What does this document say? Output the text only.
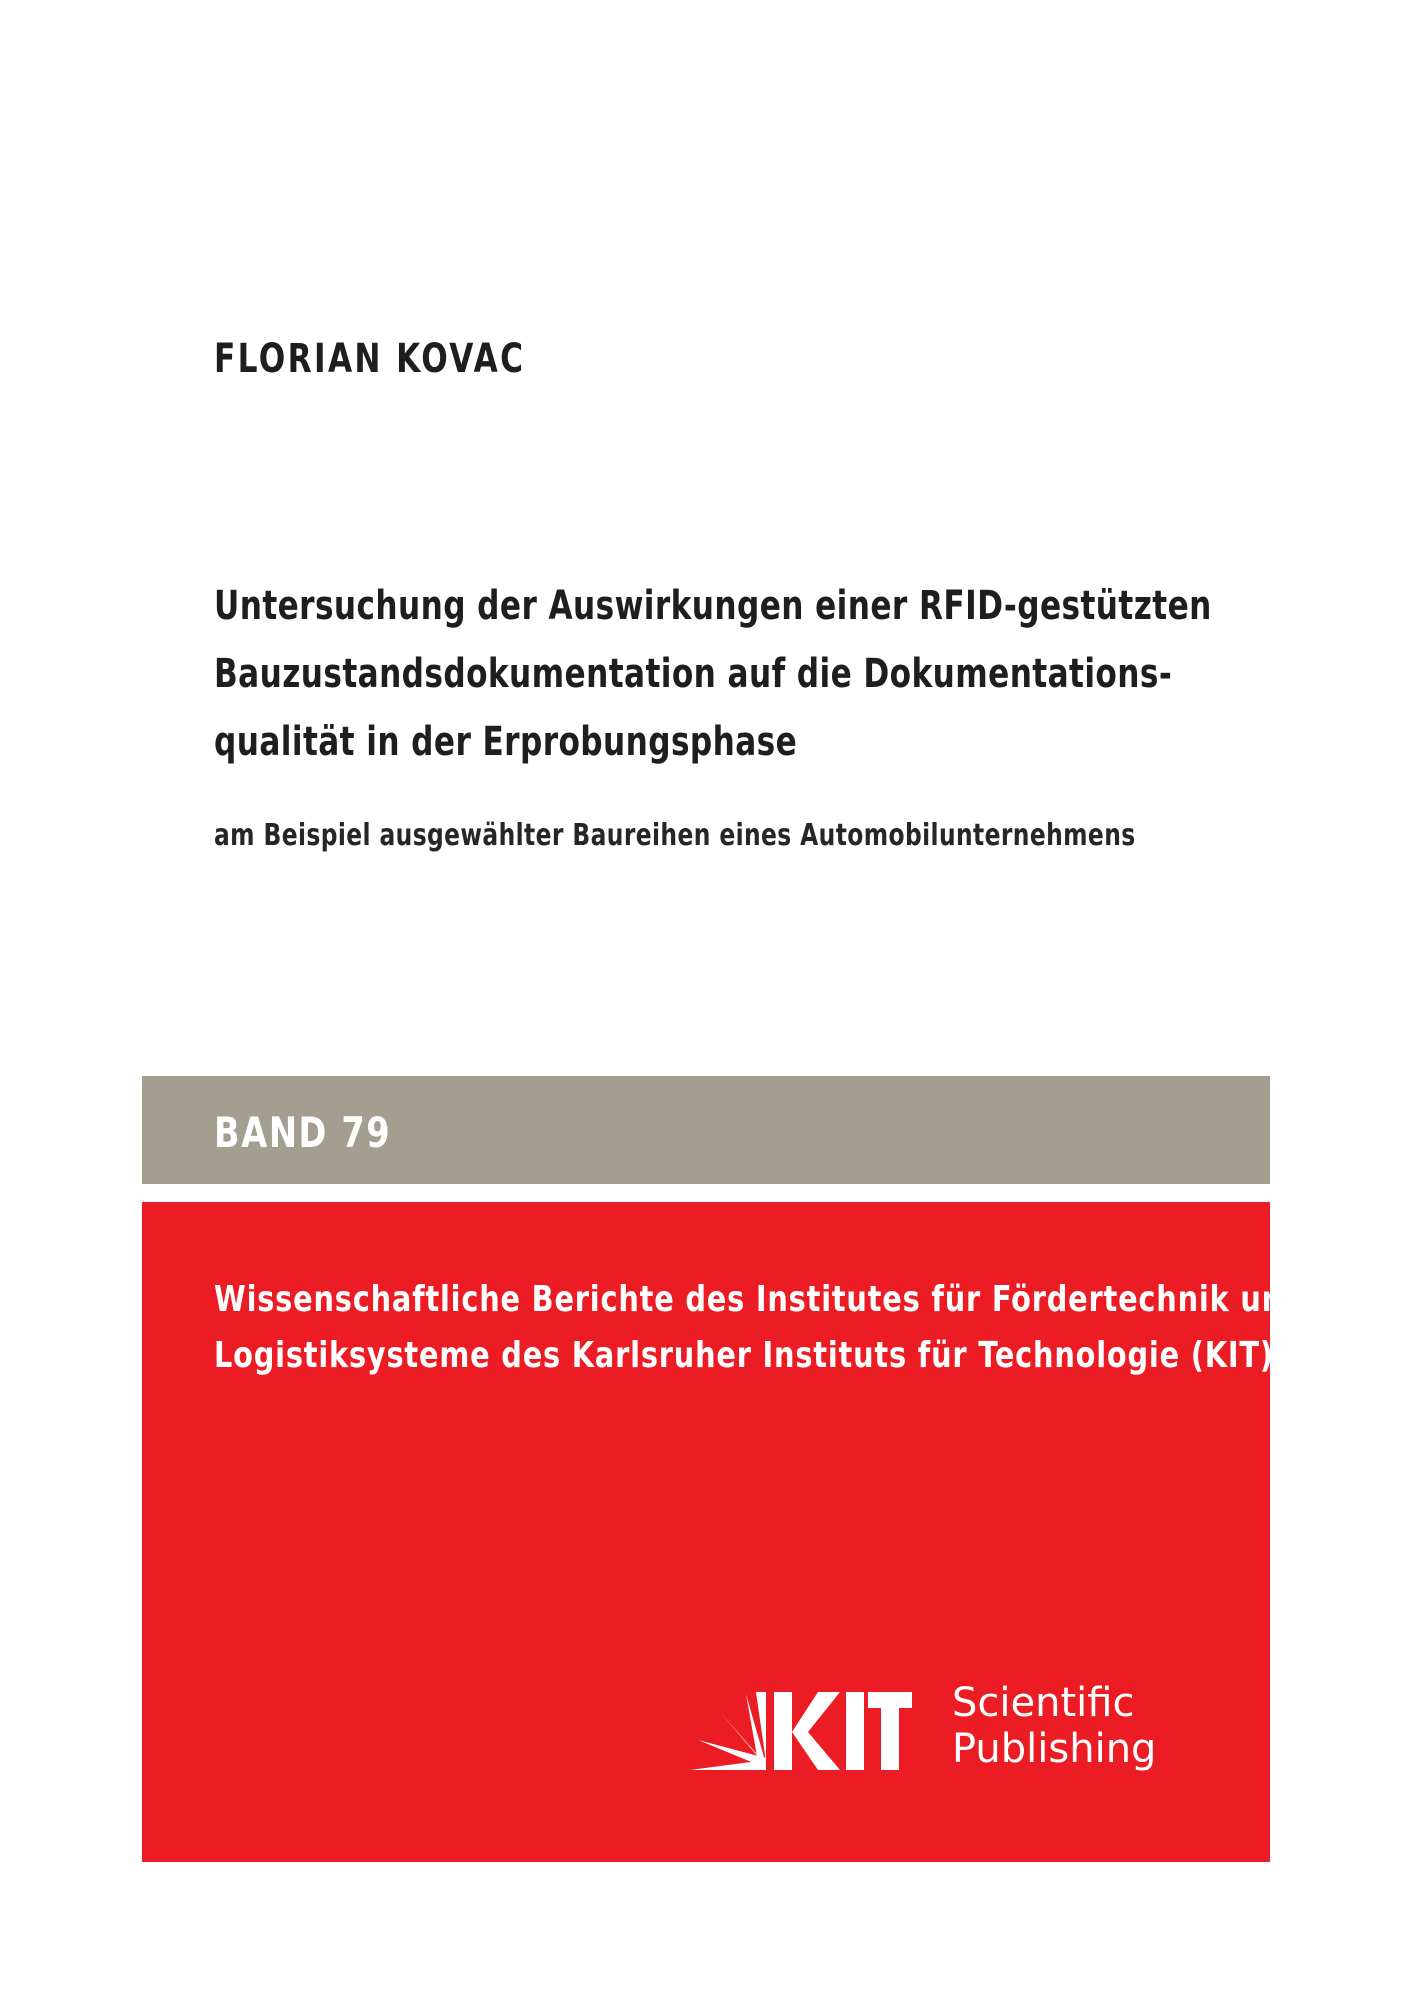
FLORIAN KOVAC
Untersuchung der Auswirkungen einer RFID-gestützten
Bauzustandsdokumentation auf die Dokumentations-
qualität in der Erprobungsphase
am Beispiel ausgewählter Baureihen eines Automobilunternehmens
BAND 79
Wissenschaftliche Berichte des Institutes für Fördertechnik und
Logistiksysteme des Karlsruher Instituts für Technologie (KIT)
KIT	Scientific
Publishing
